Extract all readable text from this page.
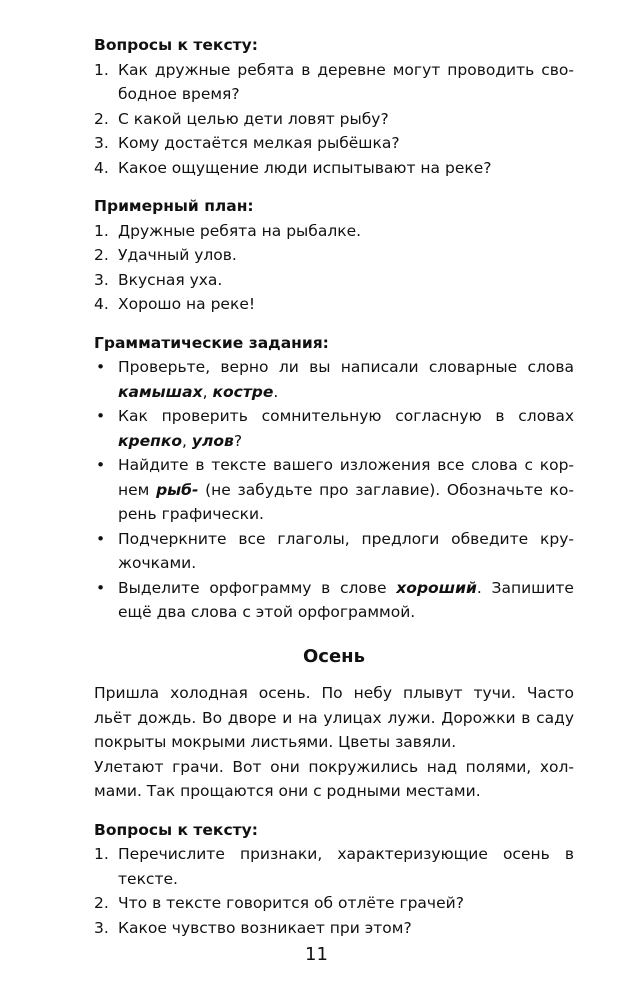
Вопросы к тексту:

1. Как дружные ребята в деревне могут проводить сво-бодное время?
2. С какой целью дети ловят рыбу?
3. Кому достаётся мелкая рыбёшка?
4. Какое ощущение люди испытывают на реке?

Примерный план:

1. Дружные ребята на рыбалке.
2. Удачный улов.
3. Вкусная уха.
4. Хорошо на реке!

Грамматические задания:

• Проверьте, верно ли вы написали словарные слова камышах, костре.
• Как проверить сомнительную согласную в словах крепко, улов?
• Найдите в тексте вашего изложения все слова с кор-нем рыб- (не забудьте про заглавие). Обозначьте ко-рень графически.
• Подчеркните все глаголы, предлоги обведите кру-жочками.
• Выделите орфограмму в слове хороший. Запишите ещё два слова с этой орфограммой.

Осень

Пришла холодная осень. По небу плывут тучи. Часто льёт дождь. Во дворе и на улицах лужи. Дорожки в саду покрыты мокрыми листьями. Цветы завяли.

Улетают грачи. Вот они покружились над полями, хол-мами. Так прощаются они с родными местами.

Вопросы к тексту:

1. Перечислите признаки, характеризующие осень в тексте.
2. Что в тексте говорится об отлёте грачей?
3. Какое чувство возникает при этом?
11
